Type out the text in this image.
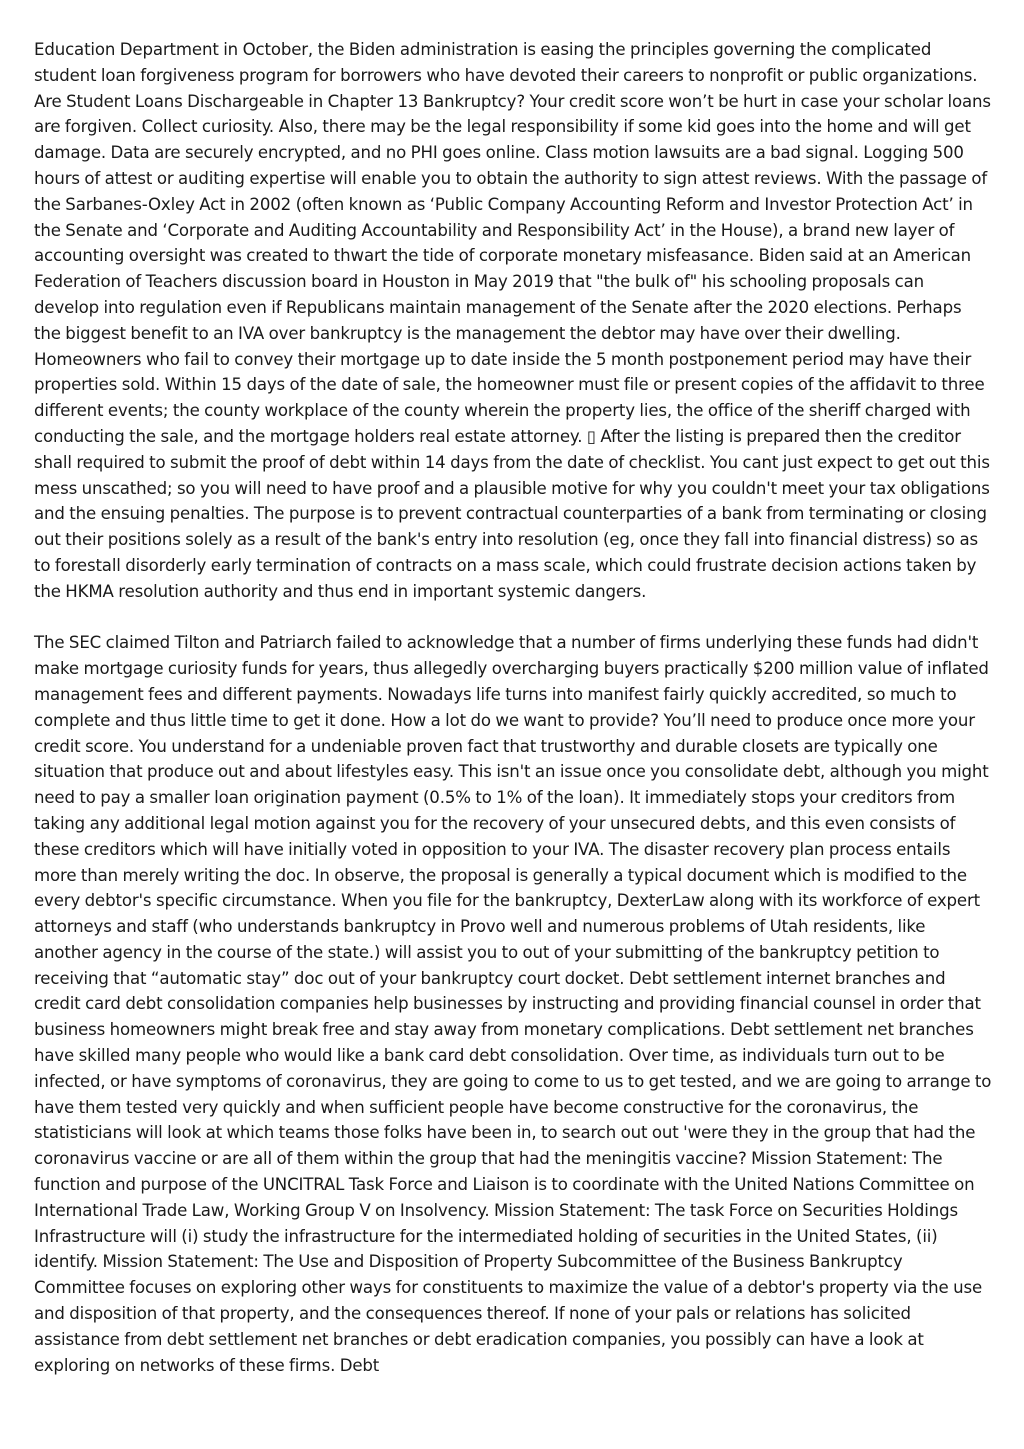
Education Department in October, the Biden administration is easing the principles governing the complicated student loan forgiveness program for borrowers who have devoted their careers to nonprofit or public organizations. Are Student Loans Dischargeable in Chapter 13 Bankruptcy? Your credit score won’t be hurt in case your scholar loans are forgiven. Collect curiosity. Also, there may be the legal responsibility if some kid goes into the home and will get damage. Data are securely encrypted, and no PHI goes online. Class motion lawsuits are a bad signal. Logging 500 hours of attest or auditing expertise will enable you to obtain the authority to sign attest reviews. With the passage of the Sarbanes-Oxley Act in 2002 (often known as ‘Public Company Accounting Reform and Investor Protection Act’ in the Senate and ‘Corporate and Auditing Accountability and Responsibility Act’ in the House), a brand new layer of accounting oversight was created to thwart the tide of corporate monetary misfeasance. Biden said at an American Federation of Teachers discussion board in Houston in May 2019 that "the bulk of" his schooling proposals can develop into regulation even if Republicans maintain management of the Senate after the 2020 elections. Perhaps the biggest benefit to an IVA over bankruptcy is the management the debtor may have over their dwelling. Homeowners who fail to convey their mortgage up to date inside the 5 month postponement period may have their properties sold. Within 15 days of the date of sale, the homeowner must file or present copies of the affidavit to three different events; the county workplace of the county wherein the property lies, the office of the sheriff charged with conducting the sale, and the mortgage holders real estate attorney. ▯ After the listing is prepared then the creditor shall required to submit the proof of debt within 14 days from the date of checklist. You cant just expect to get out this mess unscathed; so you will need to have proof and a plausible motive for why you couldn't meet your tax obligations and the ensuing penalties. The purpose is to prevent contractual counterparties of a bank from terminating or closing out their positions solely as a result of the bank's entry into resolution (eg, once they fall into financial distress) so as to forestall disorderly early termination of contracts on a mass scale, which could frustrate decision actions taken by the HKMA resolution authority and thus end in important systemic dangers.

The SEC claimed Tilton and Patriarch failed to acknowledge that a number of firms underlying these funds had didn't make mortgage curiosity funds for years, thus allegedly overcharging buyers practically $200 million value of inflated management fees and different payments. Nowadays life turns into manifest fairly quickly accredited, so much to complete and thus little time to get it done. How a lot do we want to provide? You’ll need to produce once more your credit score. You understand for a undeniable proven fact that trustworthy and durable closets are typically one situation that produce out and about lifestyles easy. This isn't an issue once you consolidate debt, although you might need to pay a smaller loan origination payment (0.5% to 1% of the loan). It immediately stops your creditors from taking any additional legal motion against you for the recovery of your unsecured debts, and this even consists of these creditors which will have initially voted in opposition to your IVA. The disaster recovery plan process entails more than merely writing the doc. In observe, the proposal is generally a typical document which is modified to the every debtor's specific circumstance. When you file for the bankruptcy, DexterLaw along with its workforce of expert attorneys and staff (who understands bankruptcy in Provo well and numerous problems of Utah residents, like another agency in the course of the state.) will assist you to out of your submitting of the bankruptcy petition to receiving that “automatic stay” doc out of your bankruptcy court docket. Debt settlement internet branches and credit card debt consolidation companies help businesses by instructing and providing financial counsel in order that business homeowners might break free and stay away from monetary complications. Debt settlement net branches have skilled many people who would like a bank card debt consolidation. Over time, as individuals turn out to be infected, or have symptoms of coronavirus, they are going to come to us to get tested, and we are going to arrange to have them tested very quickly and when sufficient people have become constructive for the coronavirus, the statisticians will look at which teams those folks have been in, to search out out 'were they in the group that had the coronavirus vaccine or are all of them within the group that had the meningitis vaccine? Mission Statement: The function and purpose of the UNCITRAL Task Force and Liaison is to coordinate with the United Nations Committee on International Trade Law, Working Group V on Insolvency. Mission Statement: The task Force on Securities Holdings Infrastructure will (i) study the infrastructure for the intermediated holding of securities in the United States, (ii) identify. Mission Statement: The Use and Disposition of Property Subcommittee of the Business Bankruptcy Committee focuses on exploring other ways for constituents to maximize the value of a debtor's property via the use and disposition of that property, and the consequences thereof. If none of your pals or relations has solicited assistance from debt settlement net branches or debt eradication companies, you possibly can have a look at exploring on networks of these firms. Debt
